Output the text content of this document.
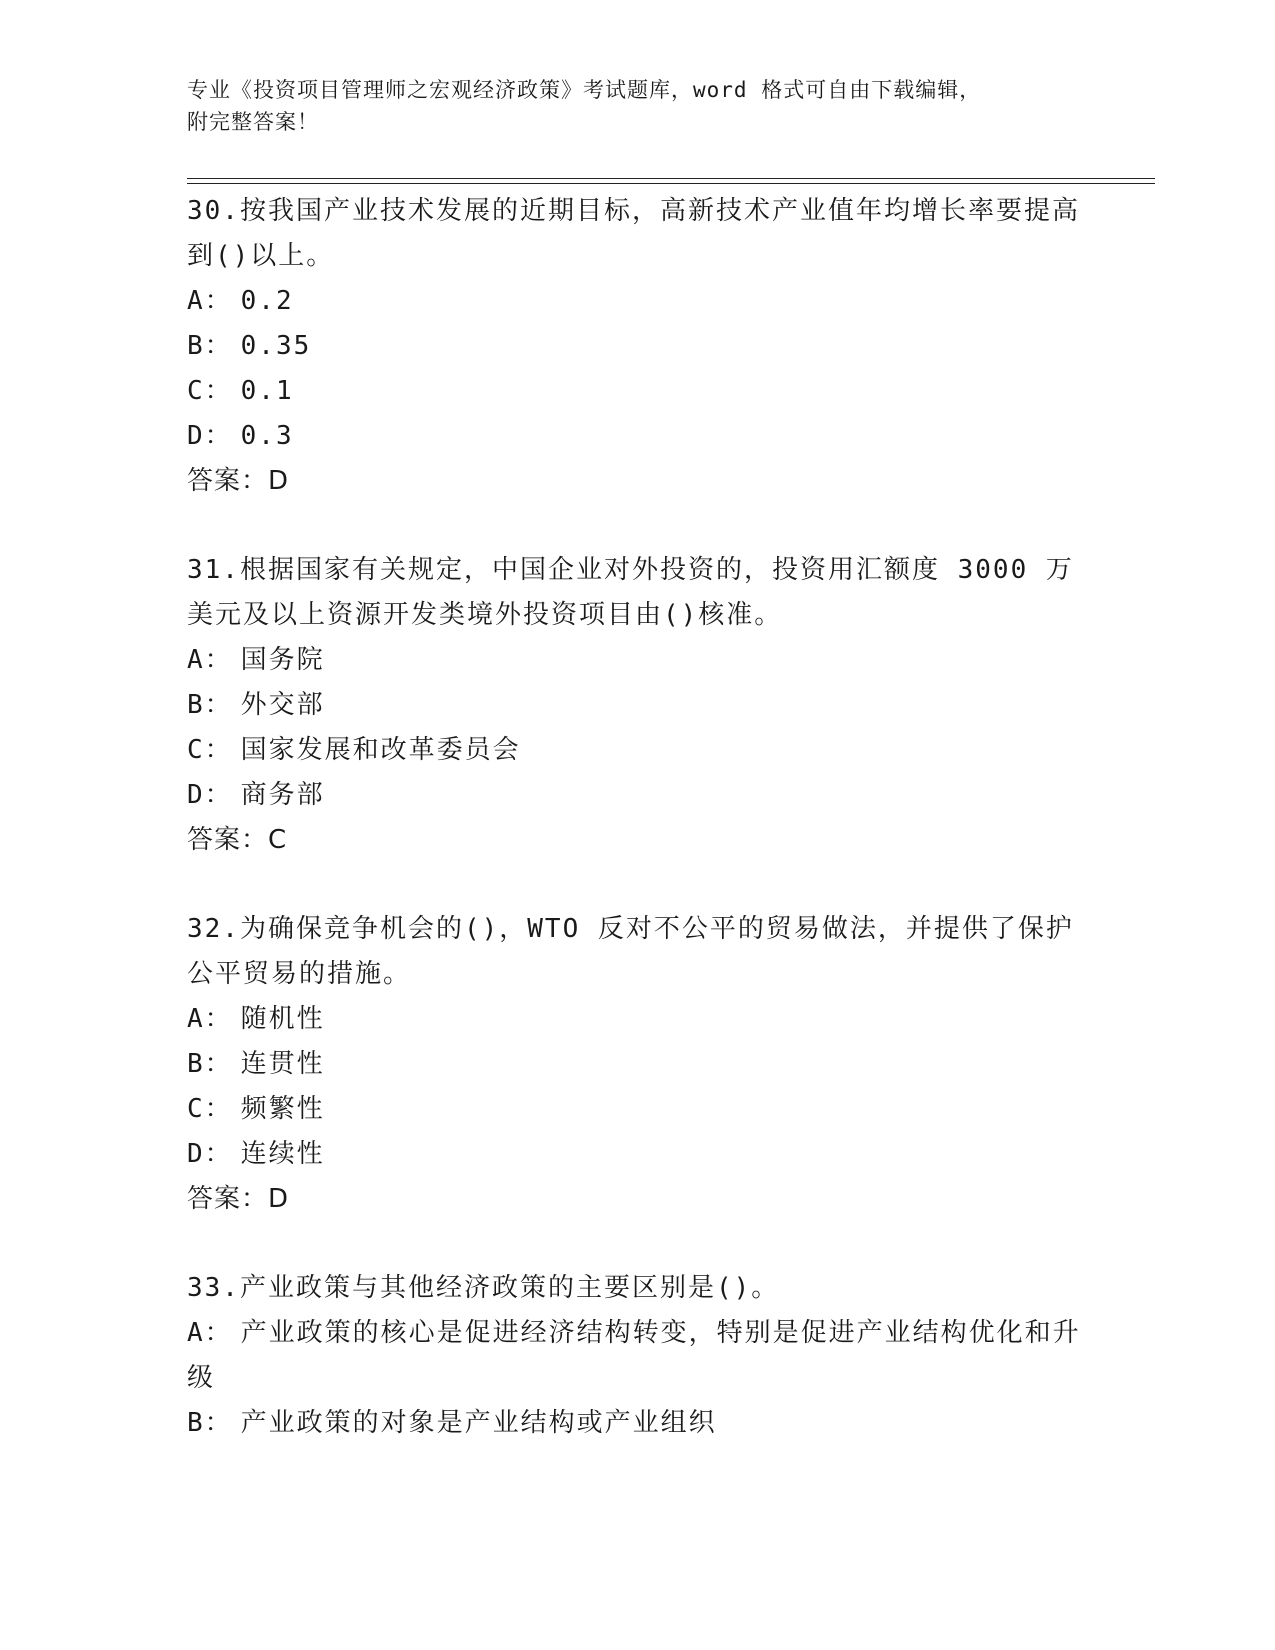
专业《投资项目管理师之宏观经济政策》考试题库，word 格式可自由下载编辑，
附完整答案！

30.按我国产业技术发展的近期目标，高新技术产业值年均增长率要提高到()以上。

A： 0.2

B： 0.35

C： 0.1

D： 0.3

答案：D

31.根据国家有关规定，中国企业对外投资的，投资用汇额度 3000 万美元及以上资源开发类境外投资项目由()核准。

A： 国务院

B： 外交部

C： 国家发展和改革委员会

D： 商务部

答案：C

32.为确保竞争机会的()，WTO 反对不公平的贸易做法，并提供了保护公平贸易的措施。

A： 随机性

B： 连贯性

C： 频繁性

D： 连续性

答案：D

33.产业政策与其他经济政策的主要区别是()。

A： 产业政策的核心是促进经济结构转变，特别是促进产业结构优化和升级

B： 产业政策的对象是产业结构或产业组织
